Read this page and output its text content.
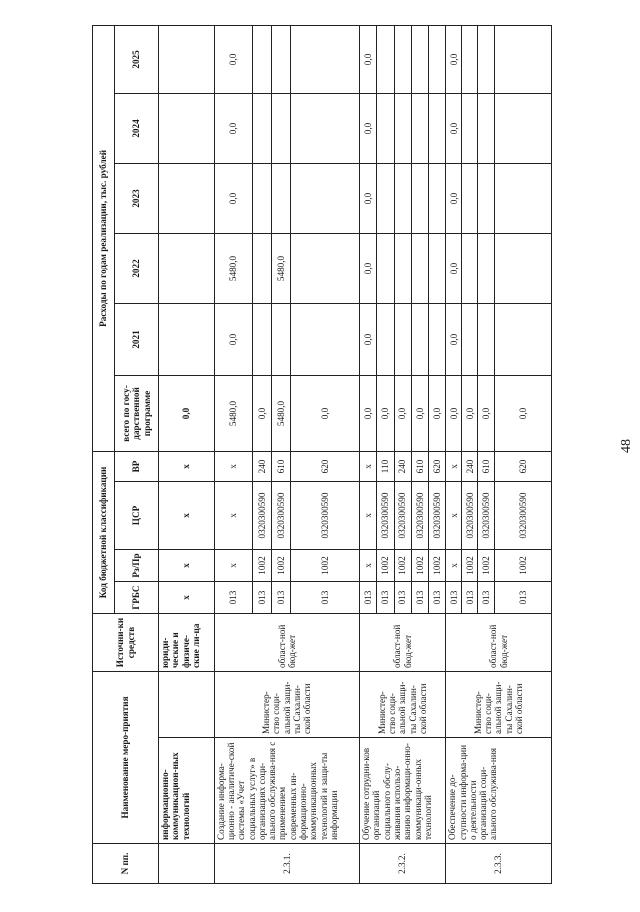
48
N пп.	Наименование меро-приятия		Источни-ки средств	Код бюджетной классификации				Расходы по годам реализации, тыс. рублей					
				ГРБС	Рз/Пр	ЦСР	ВР	всего по госу-дарственной программе	2021	2022	2023	2024	2025
	информационно-коммуникацион-ных технологий		юриди-ческие и физиче-ские ли-ца	х	х	х	х	0,0					
2.3.1.	Создание информа-ционно - аналитиче-ской системы «Учет социальных услуг» в организациях соци-ального обслужива-ния с применением современных ин-формационно-коммуникационных технологий и защи-ты информации	Министер-ство соци-альной защи-ты Сахалин-ской области	област-ной бюд-жет	013	х	х	х	5480,0	0,0	5480,0	0,0	0,0	0,0
				013	1002	0320300590	240	0,0					
				013	1002	0320300590	610	5480,0		5480,0			
				013	1002	0320300590	620	0,0					
2.3.2.	Обучение сотрудни-ков организаций социального обслу-живания использо-ванию информаци-онно- коммуникаци-онных технологий	Министер-ство соци-альной защи-ты Сахалин-ской области	област-ной бюд-жет	013	х	х	х	0,0	0,0	0,0	0,0	0,0	0,0
				013	1002	0320300590	110	0,0					
				013	1002	0320300590	240	0,0					
				013	1002	0320300590	610	0,0					
				013	1002	0320300590	620	0,0					
2.3.3.	Обеспечение до-ступности информа-ции о деятельности организаций соци-ального обслужива-ния	Министер-ство соци-альной защи-ты Сахалин-ской области	област-ной бюд-жет	013	х	х	х	0,0	0,0	0,0	0,0	0,0	0,0
				013	1002	0320300590	240	0,0					
				013	1002	0320300590	610	0,0					
				013	1002	0320300590	620	0,0					
